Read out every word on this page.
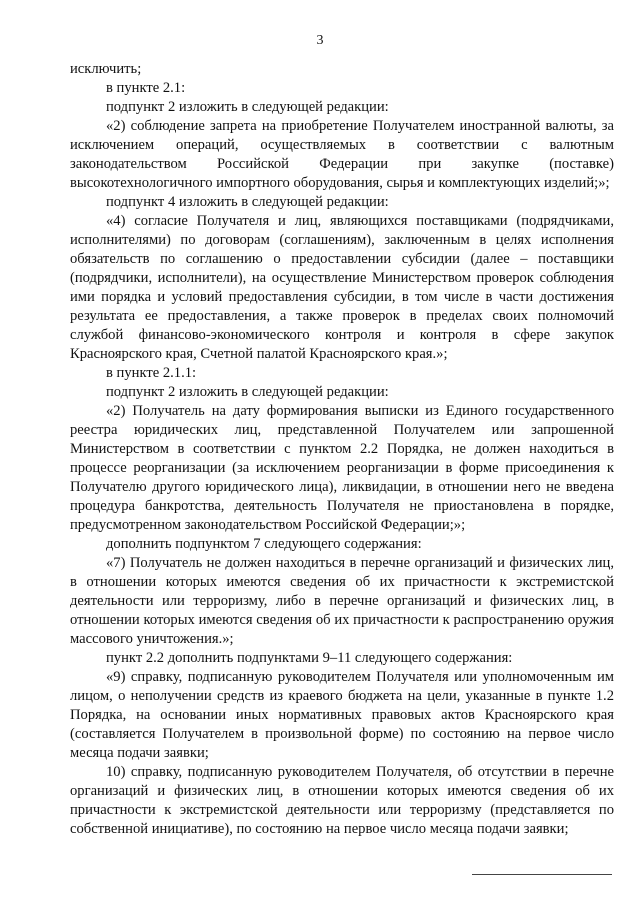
3

исключить;

в пункте 2.1:

подпункт 2 изложить в следующей редакции:

«2) соблюдение запрета на приобретение Получателем иностранной валюты, за исключением операций, осуществляемых в соответствии с валютным законодательством Российской Федерации при закупке (поставке) высокотехнологичного импортного оборудования, сырья и комплектующих изделий;»;

подпункт 4 изложить в следующей редакции:

«4) согласие Получателя и лиц, являющихся поставщиками (подрядчиками, исполнителями) по договорам (соглашениям), заключенным в целях исполнения обязательств по соглашению о предоставлении субсидии (далее – поставщики (подрядчики, исполнители), на осуществление Министерством проверок соблюдения ими порядка и условий предоставления субсидии, в том числе в части достижения результата ее предоставления, а также проверок в пределах своих полномочий службой финансово-экономического контроля и контроля в сфере закупок Красноярского края, Счетной палатой Красноярского края.»;

в пункте 2.1.1:

подпункт 2 изложить в следующей редакции:

«2) Получатель на дату формирования выписки из Единого государственного реестра юридических лиц, представленной Получателем или запрошенной Министерством в соответствии с пунктом 2.2 Порядка, не должен находиться в процессе реорганизации (за исключением реорганизации в форме присоединения к Получателю другого юридического лица), ликвидации, в отношении него не введена процедура банкротства, деятельность Получателя не приостановлена в порядке, предусмотренном законодательством Российской Федерации;»;

дополнить подпунктом 7 следующего содержания:

«7) Получатель не должен находиться в перечне организаций и физических лиц, в отношении которых имеются сведения об их причастности к экстремистской деятельности или терроризму, либо в перечне организаций и физических лиц, в отношении которых имеются сведения об их причастности к распространению оружия массового уничтожения.»;

пункт 2.2 дополнить подпунктами 9–11 следующего содержания:

«9) справку, подписанную руководителем Получателя или уполномоченным им лицом, о неполучении средств из краевого бюджета на цели, указанные в пункте 1.2 Порядка, на основании иных нормативных правовых актов Красноярского края (составляется Получателем в произвольной форме) по состоянию на первое число месяца подачи заявки;

10) справку, подписанную руководителем Получателя, об отсутствии в перечне организаций и физических лиц, в отношении которых имеются сведения об их причастности к экстремистской деятельности или терроризму (представляется по собственной инициативе), по состоянию на первое число месяца подачи заявки;
